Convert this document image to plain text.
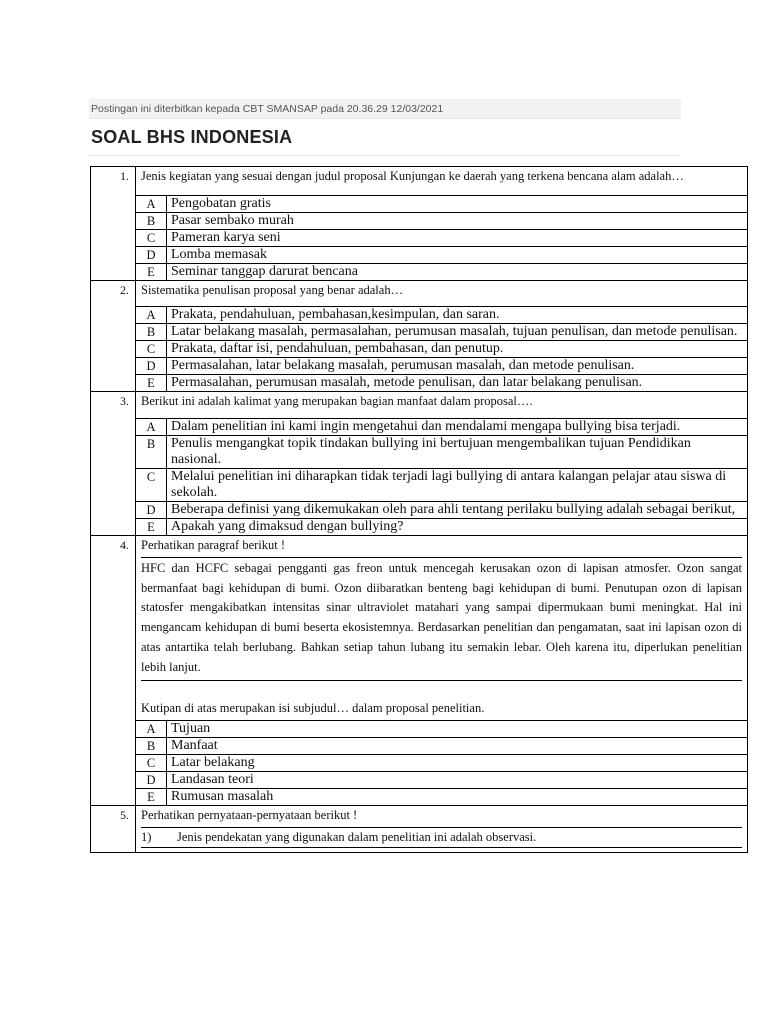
Postingan ini diterbitkan kepada CBT SMANSAP pada 20.36.29 12/03/2021
SOAL BHS INDONESIA
1.	Jenis kegiatan yang sesuai dengan judul proposal Kunjungan ke daerah yang terkena bencana alam adalah…

A	Pengobatan gratis
B	Pasar sembako murah
C	Pameran karya seni
D	Lomba memasak
E	Seminar tanggap darurat bencana

2.	Sistematika penulisan proposal yang benar adalah…

A	Prakata, pendahuluan, pembahasan,kesimpulan, dan saran.
B	Latar belakang masalah, permasalahan, perumusan masalah, tujuan penulisan, dan metode penulisan.
C	Prakata, daftar isi, pendahuluan, pembahasan, dan penutup.
D	Permasalahan, latar belakang masalah, perumusan masalah, dan metode penulisan.
E	Permasalahan, perumusan masalah, metode penulisan, dan latar belakang penulisan.

3.	Berikut ini adalah kalimat yang merupakan bagian manfaat dalam proposal….

A	Dalam penelitian ini kami ingin mengetahui dan mendalami mengapa bullying bisa terjadi.
B	Penulis mengangkat topik tindakan bullying ini bertujuan mengembalikan tujuan Pendidikan nasional.
C	Melalui penelitian ini diharapkan tidak terjadi lagi bullying di antara kalangan pelajar atau siswa di sekolah.
D	Beberapa definisi yang dikemukakan oleh para ahli tentang perilaku bullying adalah sebagai berikut,
E	Apakah yang dimaksud dengan bullying?

4.	Perhatikan paragraf berikut !
HFC dan HCFC sebagai pengganti gas freon untuk mencegah kerusakan ozon di lapisan atmosfer. Ozon sangat bermanfaat bagi kehidupan di bumi. Ozon diibaratkan benteng bagi kehidupan di bumi. Penutupan ozon di lapisan statosfer mengakibatkan intensitas sinar ultraviolet matahari yang sampai dipermukaan bumi meningkat. Hal ini mengancam kehidupan di bumi beserta ekosistemnya. Berdasarkan penelitian dan pengamatan, saat ini lapisan ozon di atas antartika telah berlubang. Bahkan setiap tahun lubang itu semakin lebar. Oleh karena itu, diperlukan penelitian lebih lanjut.
Kutipan di atas merupakan isi subjudul… dalam proposal penelitian.

A	Tujuan
B	Manfaat
C	Latar belakang
D	Landasan teori
E	Rumusan masalah

5.	Perhatikan pernyataan-pernyataan berikut !
1)	Jenis pendekatan yang digunakan dalam penelitian ini adalah observasi.
